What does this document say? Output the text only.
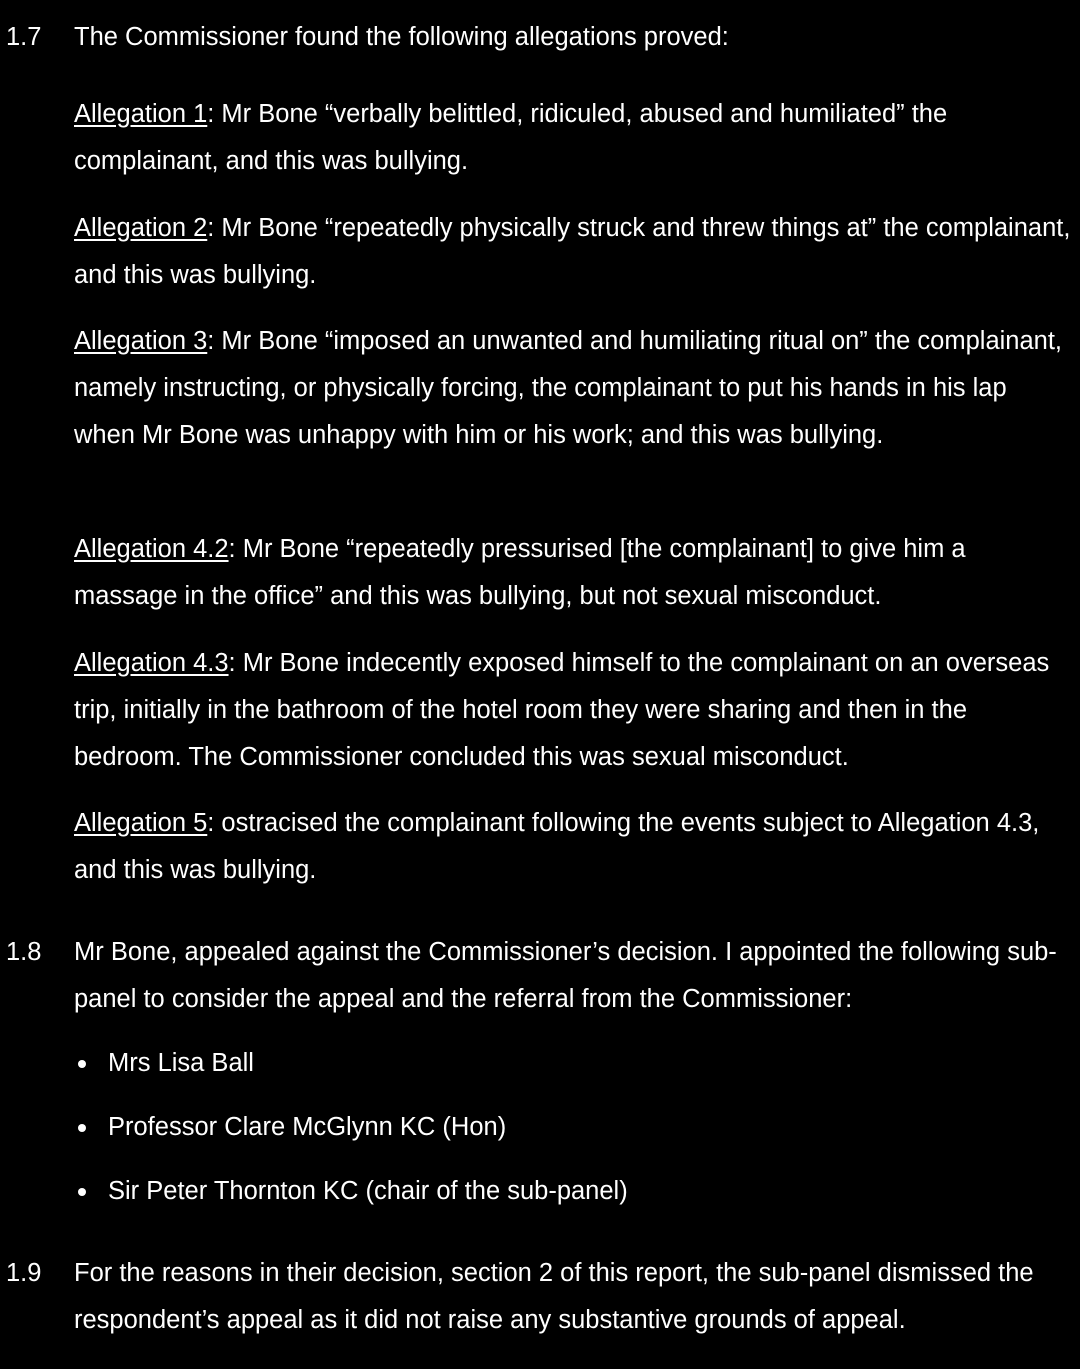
1.7 The Commissioner found the following allegations proved:
Allegation 1: Mr Bone “verbally belittled, ridiculed, abused and humiliated” the complainant, and this was bullying.
Allegation 2: Mr Bone “repeatedly physically struck and threw things at” the complainant, and this was bullying.
Allegation 3: Mr Bone “imposed an unwanted and humiliating ritual on” the complainant, namely instructing, or physically forcing, the complainant to put his hands in his lap when Mr Bone was unhappy with him or his work; and this was bullying.
Allegation 4.2: Mr Bone “repeatedly pressurised [the complainant] to give him a massage in the office” and this was bullying, but not sexual misconduct.
Allegation 4.3: Mr Bone indecently exposed himself to the complainant on an overseas trip, initially in the bathroom of the hotel room they were sharing and then in the bedroom. The Commissioner concluded this was sexual misconduct.
Allegation 5: ostracised the complainant following the events subject to Allegation 4.3, and this was bullying.
1.8 Mr Bone, appealed against the Commissioner’s decision. I appointed the following sub-panel to consider the appeal and the referral from the Commissioner:
Mrs Lisa Ball
Professor Clare McGlynn KC (Hon)
Sir Peter Thornton KC (chair of the sub-panel)
1.9 For the reasons in their decision, section 2 of this report, the sub-panel dismissed the respondent’s appeal as it did not raise any substantive grounds of appeal.
